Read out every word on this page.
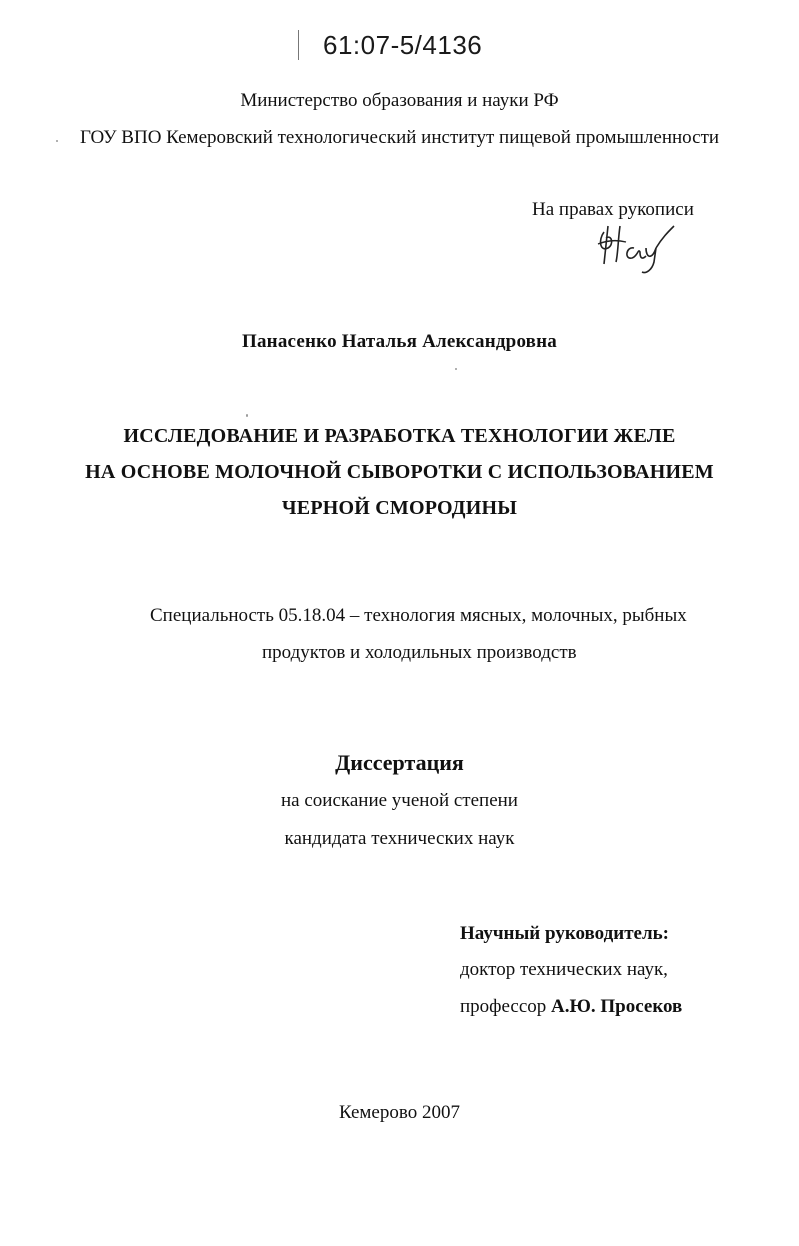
61:07-5/4136
Министерство образования и науки РФ
ГОУ ВПО Кемеровский технологический институт пищевой промышленности
На правах рукописи
Панасенко Наталья Александровна
ИССЛЕДОВАНИЕ И РАЗРАБОТКА ТЕХНОЛОГИИ ЖЕЛЕ
НА ОСНОВЕ МОЛОЧНОЙ СЫВОРОТКИ С ИСПОЛЬЗОВАНИЕМ
ЧЕРНОЙ СМОРОДИНЫ
Специальность 05.18.04 – технология мясных, молочных, рыбных
продуктов и холодильных производств
Диссертация
на соискание ученой степени
кандидата технических наук
Научный руководитель:
доктор технических наук,
профессор А.Ю. Просеков
Кемерово 2007
